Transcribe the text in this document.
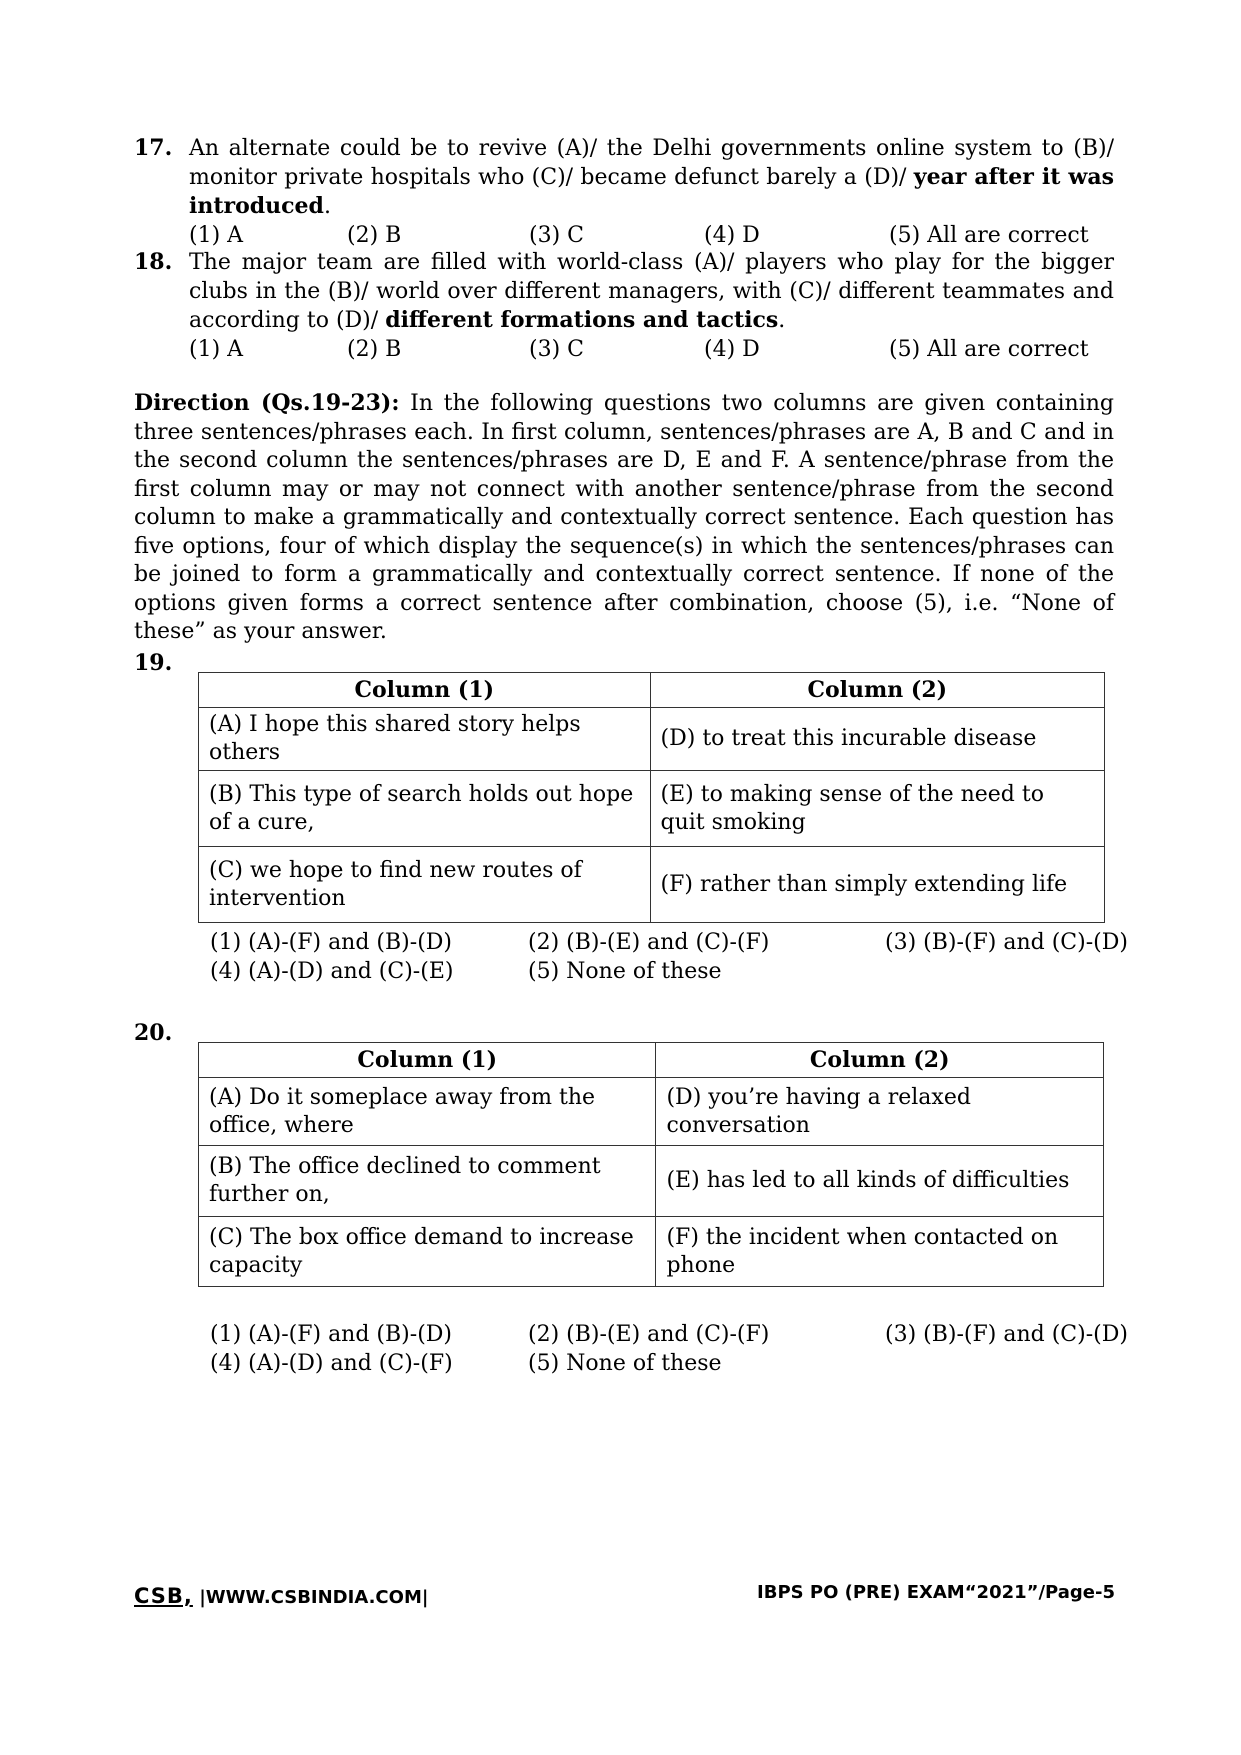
17. An alternate could be to revive (A)/ the Delhi governments online system to (B)/ monitor private hospitals who (C)/ became defunct barely a (D)/ year after it was introduced.
(1) A	(2) B	(3) C	(4) D	(5) All are correct
18. The major team are filled with world-class (A)/ players who play for the bigger clubs in the (B)/ world over different managers, with (C)/ different teammates and according to (D)/ different formations and tactics.
(1) A	(2) B	(3) C	(4) D	(5) All are correct
Direction (Qs.19-23): In the following questions two columns are given containing three sentences/phrases each. In first column, sentences/phrases are A, B and C and in the second column the sentences/phrases are D, E and F. A sentence/phrase from the first column may or may not connect with another sentence/phrase from the second column to make a grammatically and contextually correct sentence. Each question has five options, four of which display the sequence(s) in which the sentences/phrases can be joined to form a grammatically and contextually correct sentence. If none of the options given forms a correct sentence after combination, choose (5), i.e. “None of these” as your answer.
19.
Column (1)	Column (2)
(A) I hope this shared story helps others	(D) to treat this incurable disease
(B) This type of search holds out hope of a cure,	(E) to making sense of the need to quit smoking
(C) we hope to find new routes of intervention	(F) rather than simply extending life
(1) (A)-(F) and (B)-(D)	(2) (B)-(E) and (C)-(F)	(3) (B)-(F) and (C)-(D)
(4) (A)-(D) and (C)-(E)	(5) None of these
20.
Column (1)	Column (2)
(A) Do it someplace away from the office, where	(D) you’re having a relaxed conversation
(B) The office declined to comment further on,	(E) has led to all kinds of difficulties
(C) The box office demand to increase capacity	(F) the incident when contacted on phone
(1) (A)-(F) and (B)-(D)	(2) (B)-(E) and (C)-(F)	(3) (B)-(F) and (C)-(D)
(4) (A)-(D) and (C)-(F)	(5) None of these
CSB, |WWW.CSBINDIA.COM|	IBPS PO (PRE) EXAM“2021”/Page-5
